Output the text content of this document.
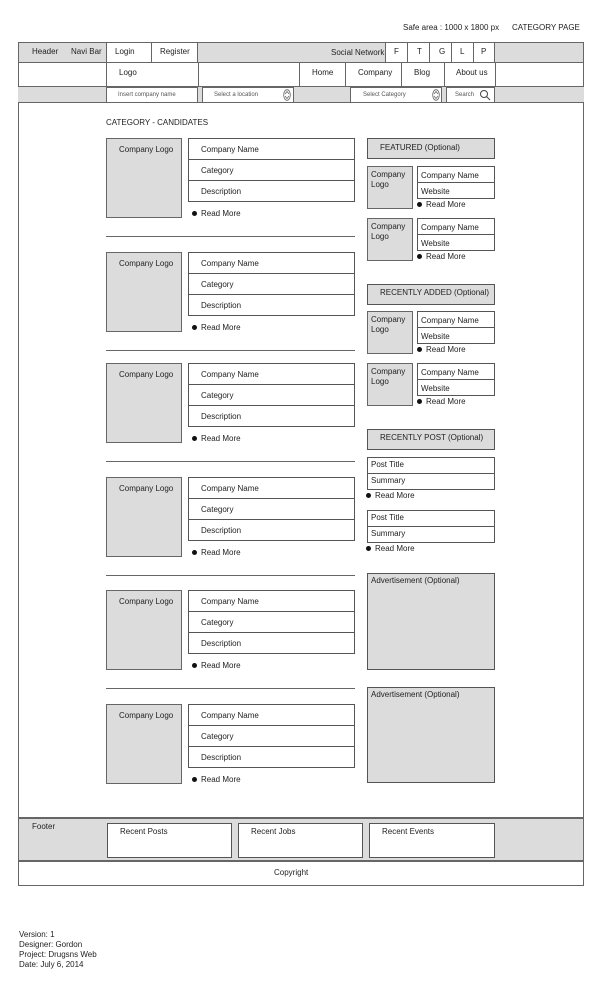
Safe area : 1000 x 1800 px CATEGORY PAGE
Header Navi Bar Login	Register	Social Network F T G L P
Logo	Home	Company	Blog	About us
Insert company name	Select a location	Select Category	Search
CATEGORY - CANDIDATES
Company Logo	Company Name
Category
Description
Read More
Company Logo	Company Name
Category
Description
Read More
Company Logo	Company Name
Category
Description
Read More
Company Logo	Company Name
Category
Description
Read More
Company Logo	Company Name
Category
Description
Read More
Company Logo	Company Name
Category
Description
Read More
FEATURED (Optional)
Company Logo
Company Name
Website
Read More
Company Logo
Company Name
Website
Read More
Company Logo
Company Name
Website
Read More
Company Logo
Company Name
Website
Read More
RECENTLY ADDED (Optional)
RECENTLY POST (Optional)
Post Title
Summary
Read More
Post Title
Summary
Read More
Advertisement (Optional)
Advertisement (Optional)
Footer
Recent Posts	Recent Jobs	Recent Events
Copyright
Version: 1
Designer: Gordon
Project: Drugsns Web
Date: July 6, 2014
